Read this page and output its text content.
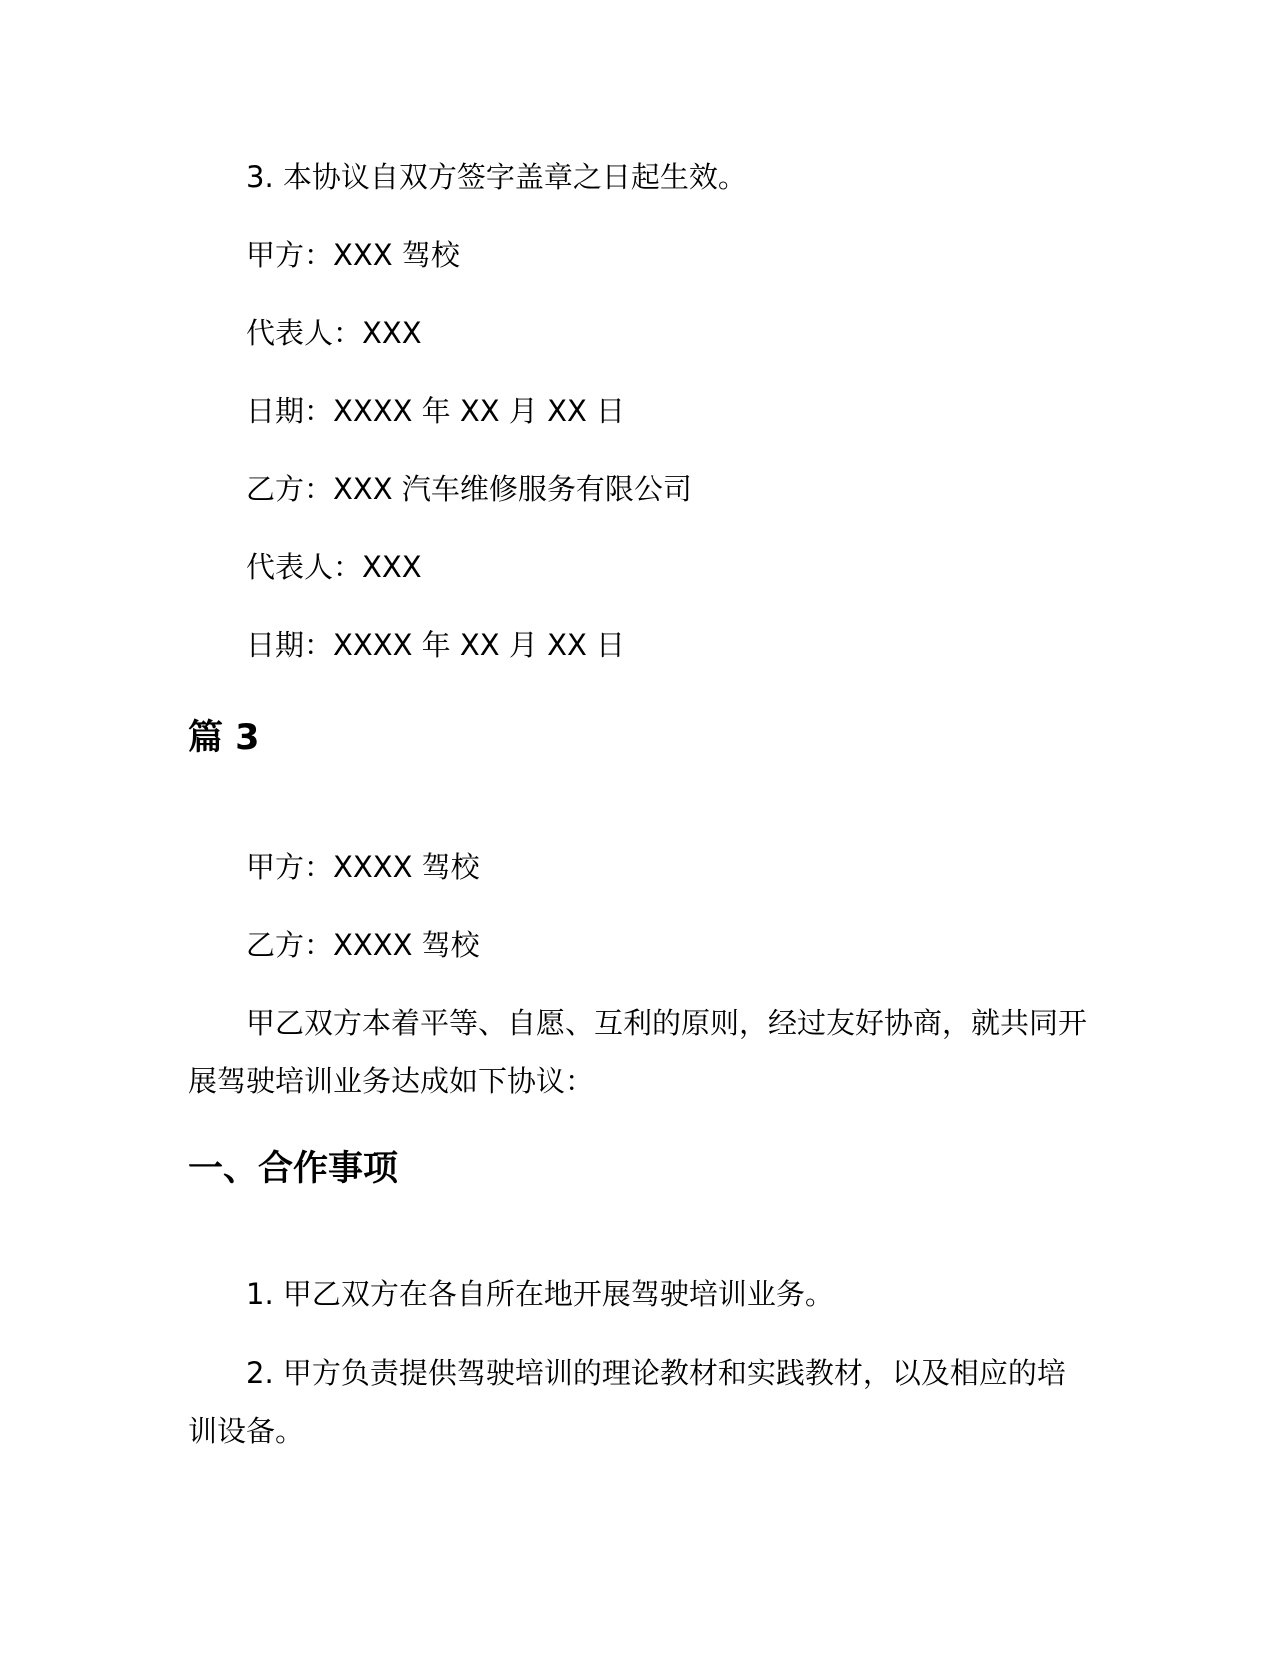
3. 本协议自双方签字盖章之日起生效。
甲方：XXX 驾校
代表人：XXX
日期：XXXX 年 XX 月 XX 日
乙方：XXX 汽车维修服务有限公司
代表人：XXX
日期：XXXX 年 XX 月 XX 日
篇 3
甲方：XXXX 驾校
乙方：XXXX 驾校
甲乙双方本着平等、自愿、互利的原则，经过友好协商，就共同开展驾驶培训业务达成如下协议：
一、合作事项
1. 甲乙双方在各自所在地开展驾驶培训业务。
2. 甲方负责提供驾驶培训的理论教材和实践教材，以及相应的培训设备。
